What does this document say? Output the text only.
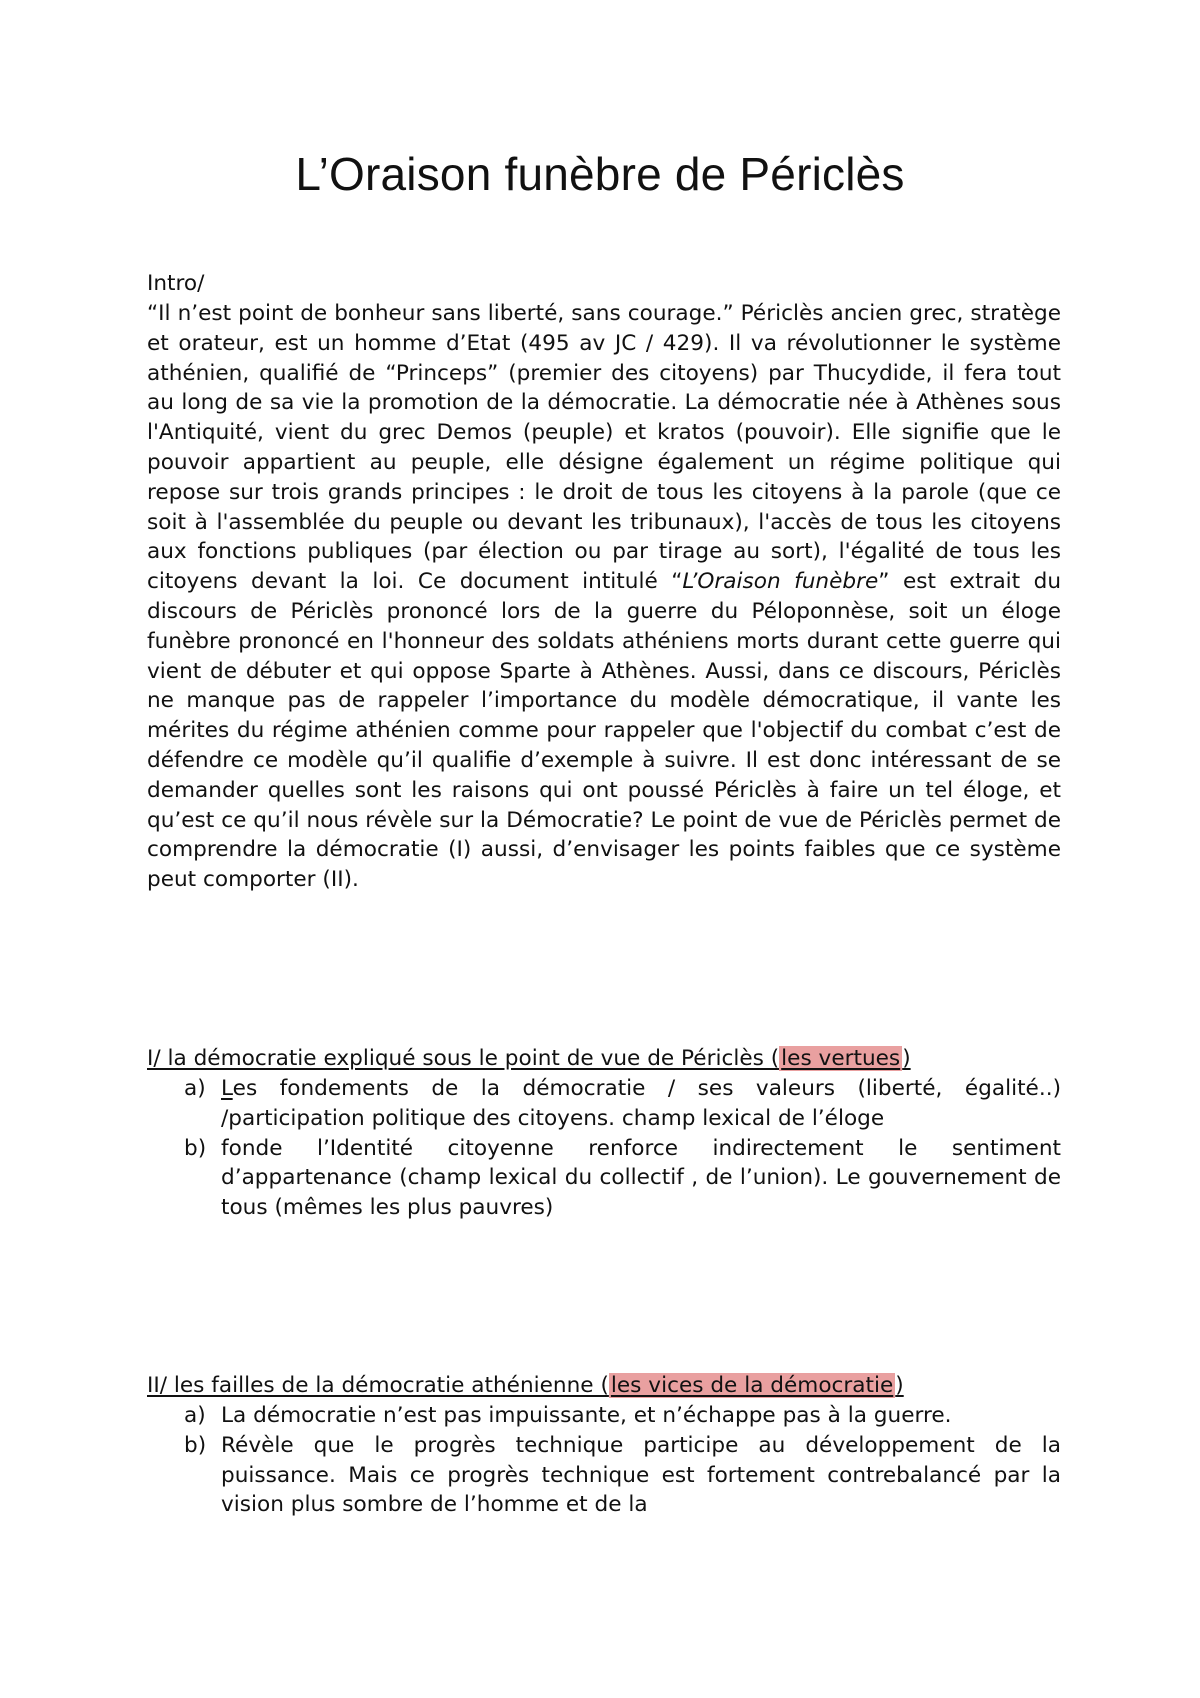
L’Oraison funèbre de Périclès
Intro/
“Il n’est point de bonheur sans liberté, sans courage.” Périclès ancien grec, stratège et orateur, est un homme d’Etat (495 av JC / 429). Il va révolutionner le système athénien, qualifié de “Princeps” (premier des citoyens) par Thucydide, il fera tout au long de sa vie la promotion de la démocratie. La démocratie née à Athènes sous l'Antiquité, vient du grec Demos (peuple) et kratos (pouvoir). Elle signifie que le pouvoir appartient au peuple, elle désigne également un régime politique qui repose sur trois grands principes : le droit de tous les citoyens à la parole (que ce soit à l'assemblée du peuple ou devant les tribunaux), l'accès de tous les citoyens aux fonctions publiques (par élection ou par tirage au sort), l'égalité de tous les citoyens devant la loi. Ce document intitulé “L’Oraison funèbre” est extrait du discours de Périclès prononcé lors de la guerre du Péloponnèse, soit un éloge funèbre prononcé en l'honneur des soldats athéniens morts durant cette guerre qui vient de débuter et qui oppose Sparte à Athènes. Aussi, dans ce discours, Périclès ne manque pas de rappeler l’importance du modèle démocratique, il vante les mérites du régime athénien comme pour rappeler que l'objectif du combat c’est de défendre ce modèle qu’il qualifie d’exemple à suivre. Il est donc intéressant de se demander quelles sont les raisons qui ont poussé Périclès à faire un tel éloge, et qu’est ce qu’il nous révèle sur la Démocratie? Le point de vue de Périclès permet de comprendre la démocratie (I) aussi, d’envisager les points faibles que ce système peut comporter (II).
I/ la démocratie expliqué sous le point de vue de Périclès (les vertues)
a) Les fondements de la démocratie / ses valeurs (liberté, égalité..) /participation politique des citoyens. champ lexical de l’éloge
b) fonde l’Identité citoyenne renforce indirectement le sentiment d’appartenance (champ lexical du collectif , de l’union). Le gouvernement de tous (mêmes les plus pauvres)
II/ les failles de la démocratie athénienne (les vices de la démocratie)
a) La démocratie n’est pas impuissante, et n’échappe pas à la guerre.
b) Révèle que le progrès technique participe au développement de la puissance. Mais ce progrès technique est fortement contrebalancé par la vision plus sombre de l’homme et de la
